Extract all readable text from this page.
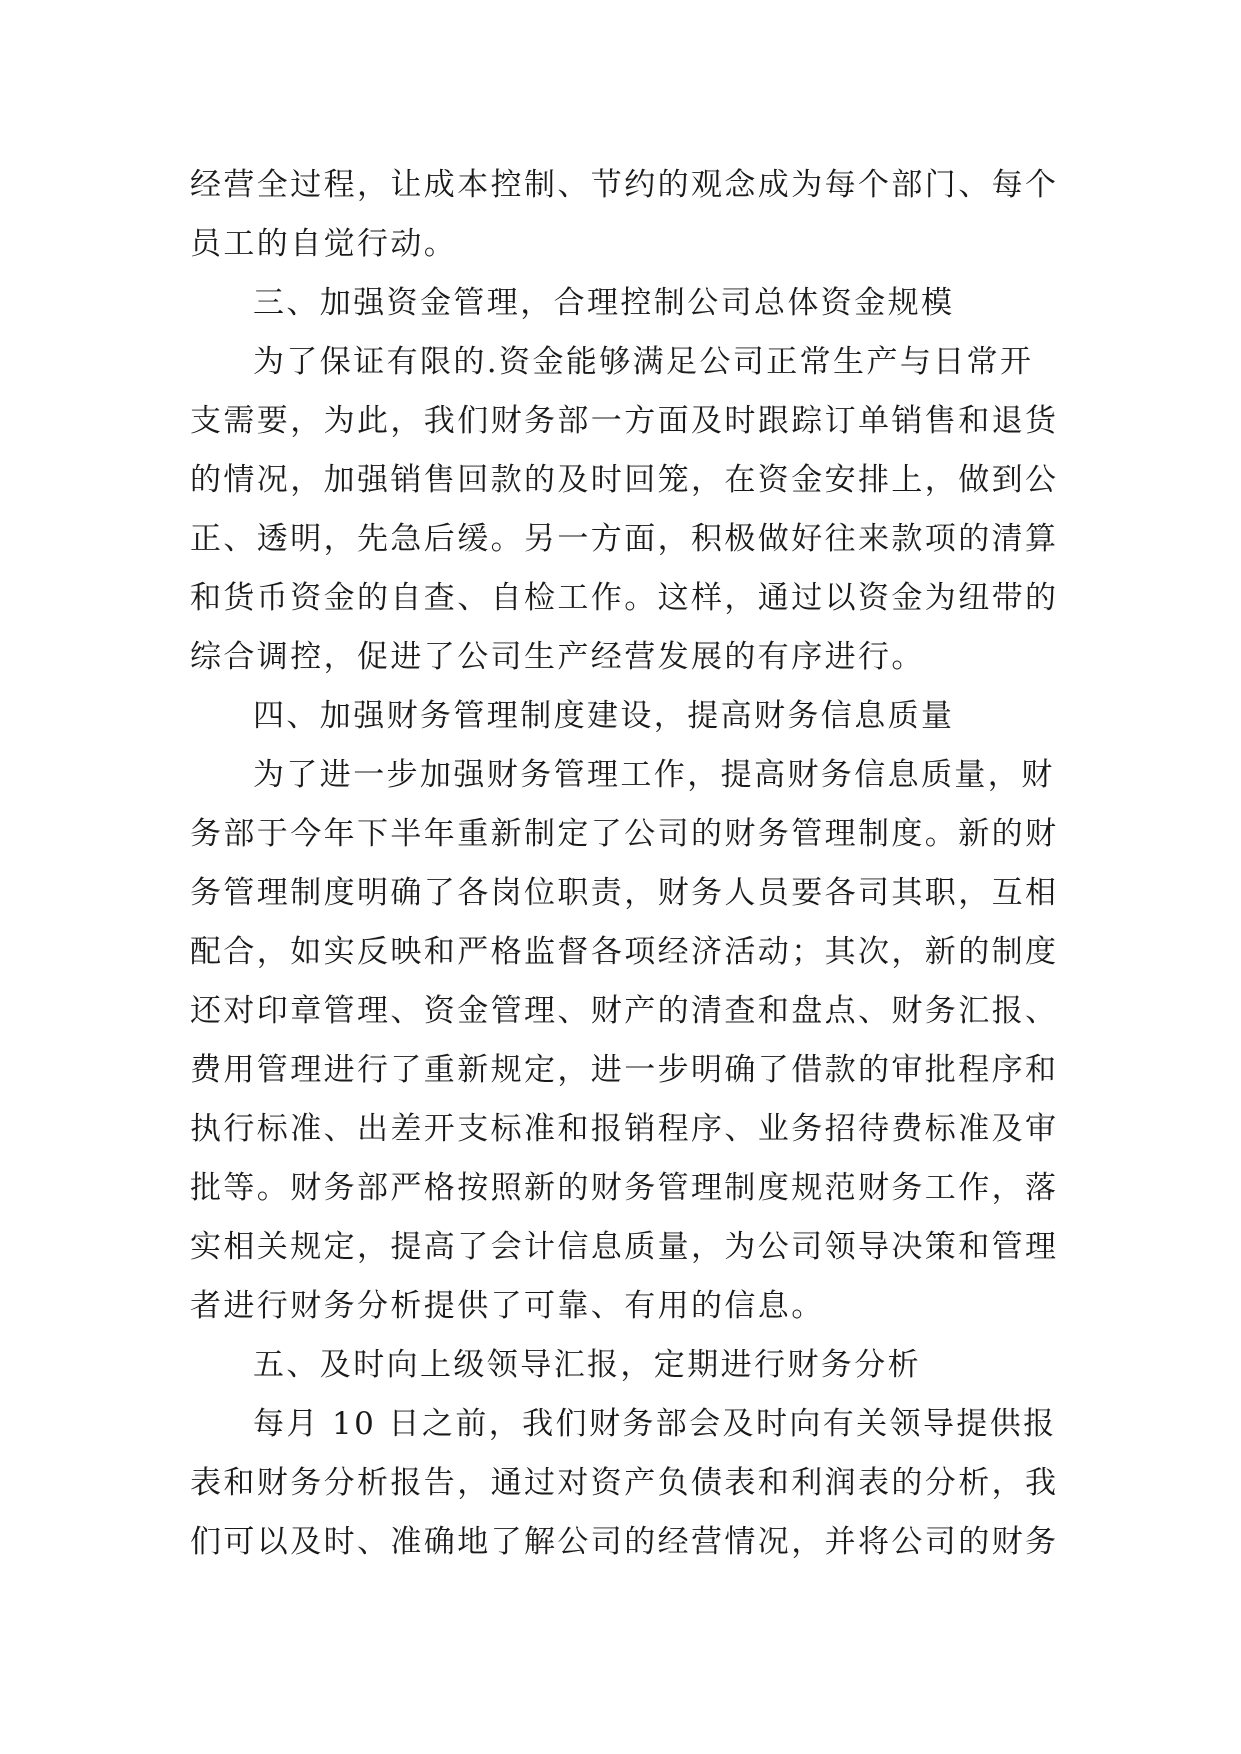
经营全过程，让成本控制、节约的观念成为每个部门、每个
员工的自觉行动。
三、加强资金管理，合理控制公司总体资金规模
为了保证有限的.资金能够满足公司正常生产与日常开
支需要，为此，我们财务部一方面及时跟踪订单销售和退货
的情况，加强销售回款的及时回笼，在资金安排上，做到公
正、透明，先急后缓。另一方面，积极做好往来款项的清算
和货币资金的自查、自检工作。这样，通过以资金为纽带的
综合调控，促进了公司生产经营发展的有序进行。
四、加强财务管理制度建设，提高财务信息质量
为了进一步加强财务管理工作，提高财务信息质量，财
务部于今年下半年重新制定了公司的财务管理制度。新的财
务管理制度明确了各岗位职责，财务人员要各司其职，互相
配合，如实反映和严格监督各项经济活动；其次，新的制度
还对印章管理、资金管理、财产的清查和盘点、财务汇报、
费用管理进行了重新规定，进一步明确了借款的审批程序和
执行标准、出差开支标准和报销程序、业务招待费标准及审
批等。财务部严格按照新的财务管理制度规范财务工作，落
实相关规定，提高了会计信息质量，为公司领导决策和管理
者进行财务分析提供了可靠、有用的信息。
五、及时向上级领导汇报，定期进行财务分析
每月 10 日之前，我们财务部会及时向有关领导提供报
表和财务分析报告，通过对资产负债表和利润表的分析，我
们可以及时、准确地了解公司的经营情况，并将公司的财务
